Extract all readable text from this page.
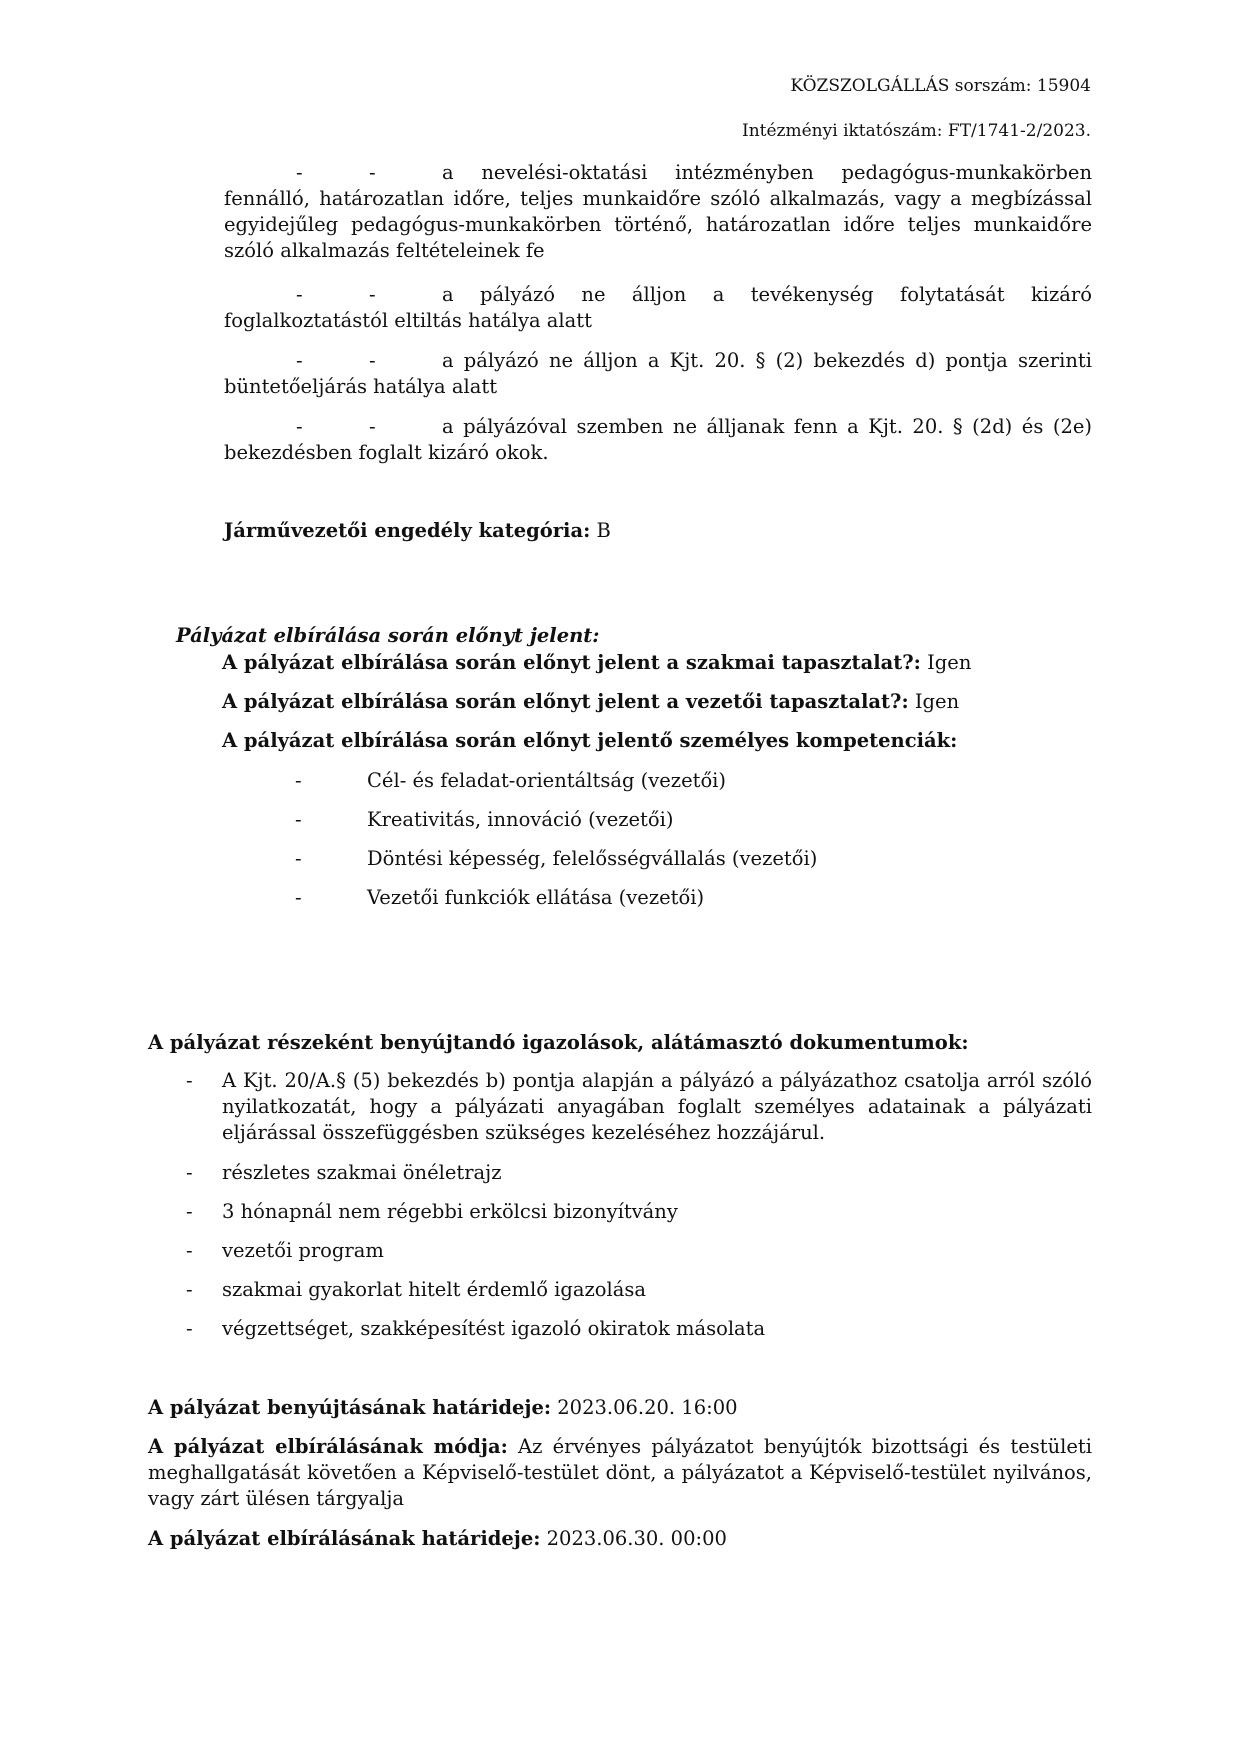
KÖZSZOLGÁLLÁS sorszám: 15904
Intézményi iktatószám: FT/1741-2/2023.
-	-
	a nevelési-oktatási intézményben pedagógus-munkakörben
fennálló, határozatlan időre, teljes munkaidőre szóló alkalmazás, vagy a megbízással egyidejűleg pedagógus-munkakörben történő, határozatlan időre teljes munkaidőre szóló alkalmazás feltételeinek fe
-	-
	a pályázó ne álljon a tevékenység folytatását kizáró
foglalkoztatástól eltiltás hatálya alatt
-	-
	a pályázó ne álljon a Kjt. 20. § (2) bekezdés d) pontja szerinti
büntetőeljárás hatálya alatt
-	-
	a pályázóval szemben ne álljanak fenn a Kjt. 20. § (2d) és (2e)
bekezdésben foglalt kizáró okok.
Járművezetői engedély kategória: B
Pályázat elbírálása során előnyt jelent:
A pályázat elbírálása során előnyt jelent a szakmai tapasztalat?: Igen
A pályázat elbírálása során előnyt jelent a vezetői tapasztalat?: Igen
A pályázat elbírálása során előnyt jelentő személyes kompetenciák:
-	Cél- és feladat-orientáltság (vezetői)
-	Kreativitás, innováció (vezetői)
-	Döntési képesség, felelősségvállalás (vezetői)
-	Vezetői funkciók ellátása (vezetői)
A pályázat részeként benyújtandó igazolások, alátámasztó dokumentumok:
- A Kjt. 20/A.§ (5) bekezdés b) pontja alapján a pályázó a pályázathoz csatolja arról szóló nyilatkozatát, hogy a pályázati anyagában foglalt személyes adatainak a pályázati eljárással összefüggésben szükséges kezeléséhez hozzájárul.
- részletes szakmai önéletrajz
- 3 hónapnál nem régebbi erkölcsi bizonyítvány
- vezetői program
- szakmai gyakorlat hitelt érdemlő igazolása
- végzettséget, szakképesítést igazoló okiratok másolata
A pályázat benyújtásának határideje: 2023.06.20. 16:00
A pályázat elbírálásának módja: Az érvényes pályázatot benyújtók bizottsági és testületi meghallgatását követően a Képviselő-testület dönt, a pályázatot a Képviselő-testület nyilvános, vagy zárt ülésen tárgyalja
A pályázat elbírálásának határideje: 2023.06.30. 00:00
